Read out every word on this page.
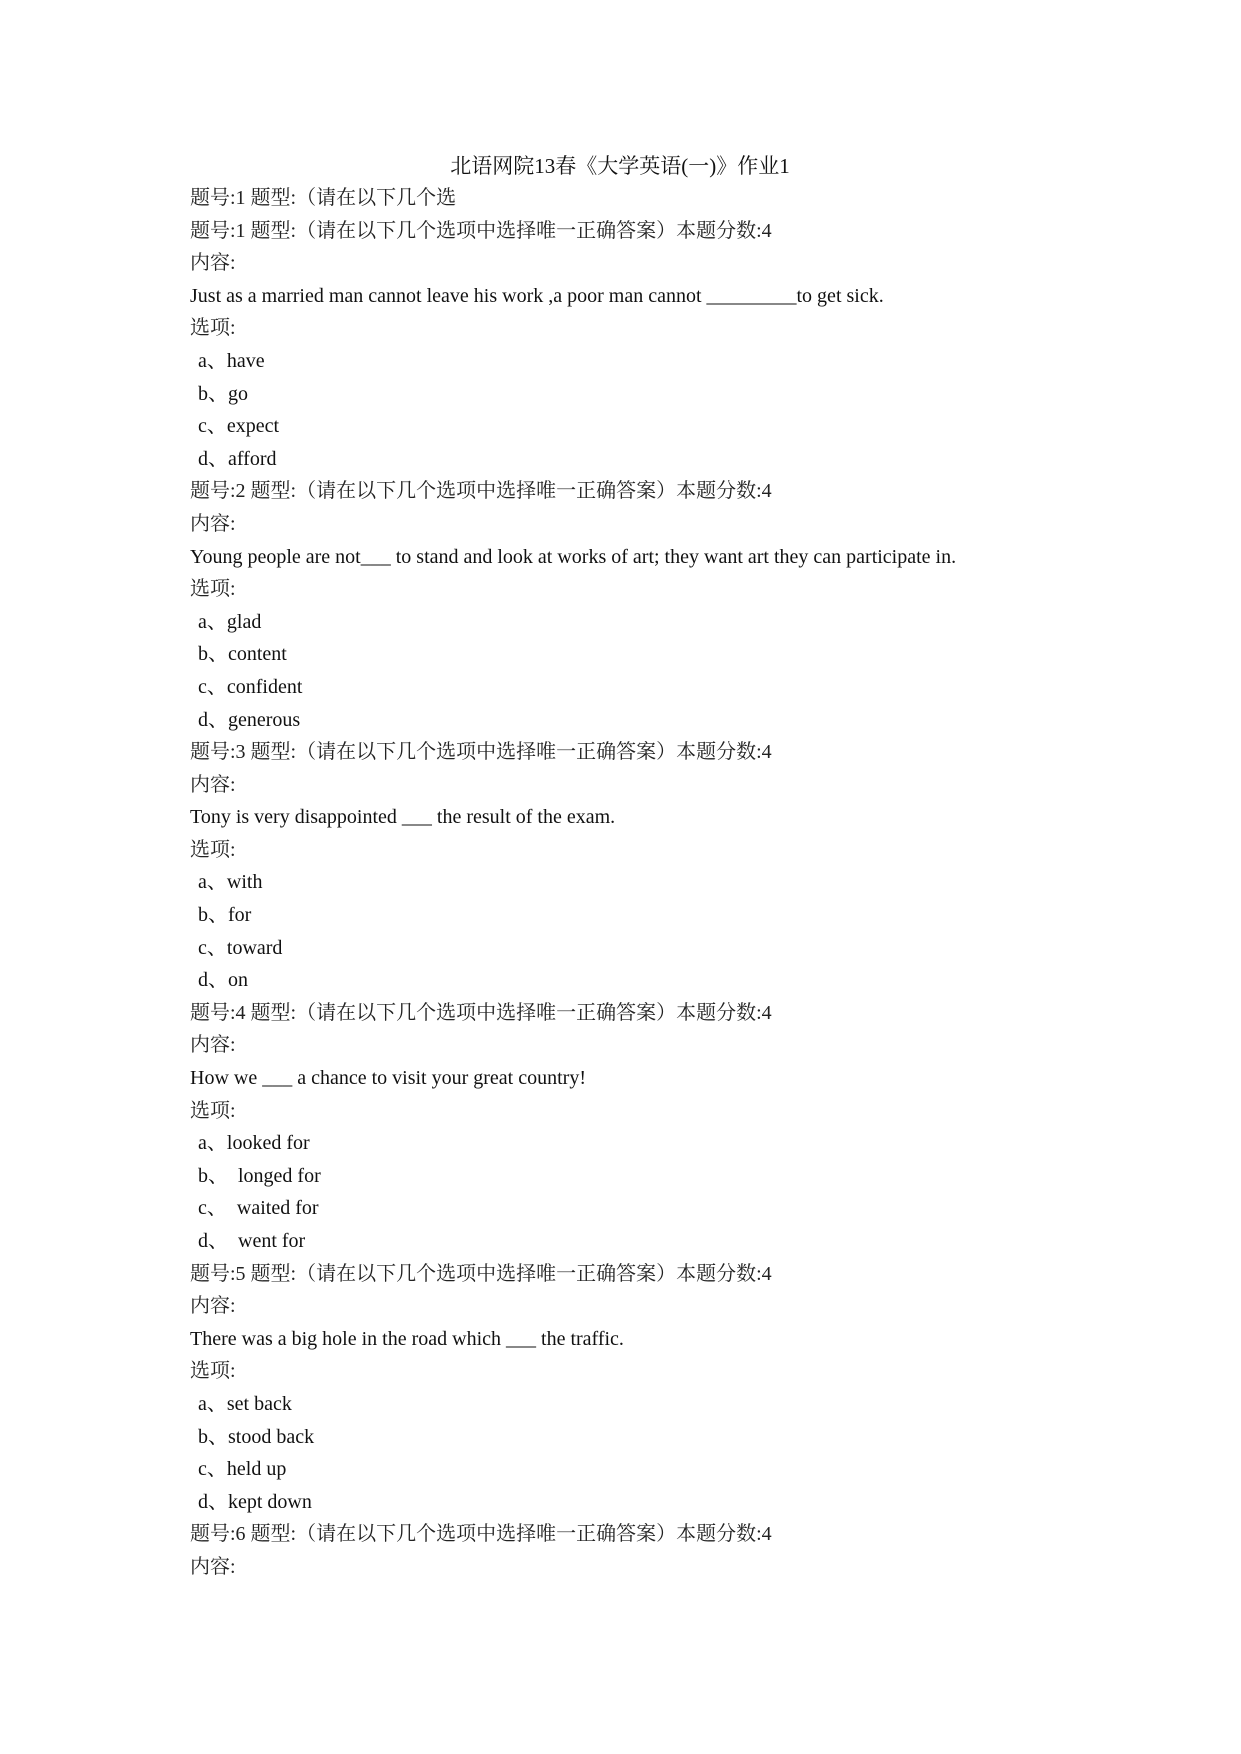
北语网院13春《大学英语(一)》作业1
题号:1 题型:（请在以下几个选
题号:1 题型:（请在以下几个选项中选择唯一正确答案）本题分数:4
内容:
Just as a married man cannot leave his work ,a poor man cannot _________to get sick.
选项:
a、have
b、go
c、expect
d、afford
题号:2 题型:（请在以下几个选项中选择唯一正确答案）本题分数:4
内容:
Young people are not___ to stand and look at works of art; they want art they can participate in.
选项:
a、glad
b、content
c、confident
d、generous
题号:3 题型:（请在以下几个选项中选择唯一正确答案）本题分数:4
内容:
Tony is very disappointed ___ the result of the exam.
选项:
a、with
b、for
c、toward
d、on
题号:4 题型:（请在以下几个选项中选择唯一正确答案）本题分数:4
内容:
How we ___ a chance to visit your great country!
选项:
a、looked for
b、  longed for
c、  waited for
d、  went for
题号:5 题型:（请在以下几个选项中选择唯一正确答案）本题分数:4
内容:
There was a big hole in the road which ___ the traffic.
选项:
a、set back
b、stood back
c、held up
d、kept down
题号:6 题型:（请在以下几个选项中选择唯一正确答案）本题分数:4
内容:
